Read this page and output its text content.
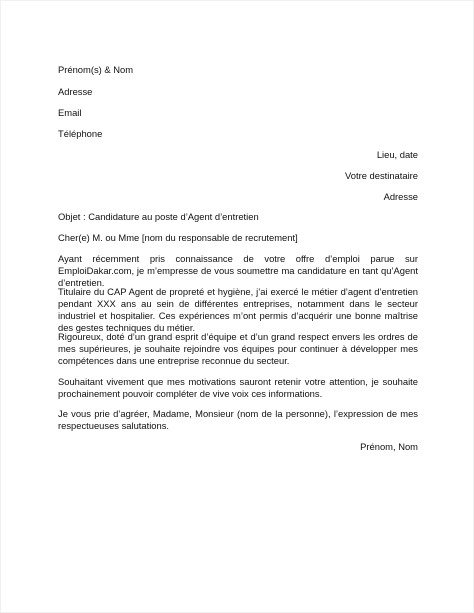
Prénom(s) & Nom
Adresse
Email
Téléphone
Lieu, date
Votre destinataire
Adresse
Objet : Candidature au poste d’Agent d’entretien
Cher(e) M. ou Mme [nom du responsable de recrutement]

Ayant récemment pris connaissance de votre offre d’emploi parue sur EmploiDakar.com, je m’empresse de vous soumettre ma candidature en tant qu’Agent d’entretien.

Titulaire du CAP Agent de propreté et hygiène, j’ai exercé le métier d’agent d’entretien pendant XXX ans au sein de différentes entreprises, notamment dans le secteur industriel et hospitalier. Ces expériences m’ont permis d’acquérir une bonne maîtrise des gestes techniques du métier.

Rigoureux, doté d’un grand esprit d’équipe et d’un grand respect envers les ordres de mes supérieures, je souhaite rejoindre vos équipes pour continuer à développer mes compétences dans une entreprise reconnue du secteur.

Souhaitant vivement que mes motivations sauront retenir votre attention, je souhaite prochainement pouvoir compléter de vive voix ces informations.

Je vous prie d’agréer, Madame, Monsieur (nom de la personne), l’expression de mes respectueuses salutations.

Prénom, Nom
